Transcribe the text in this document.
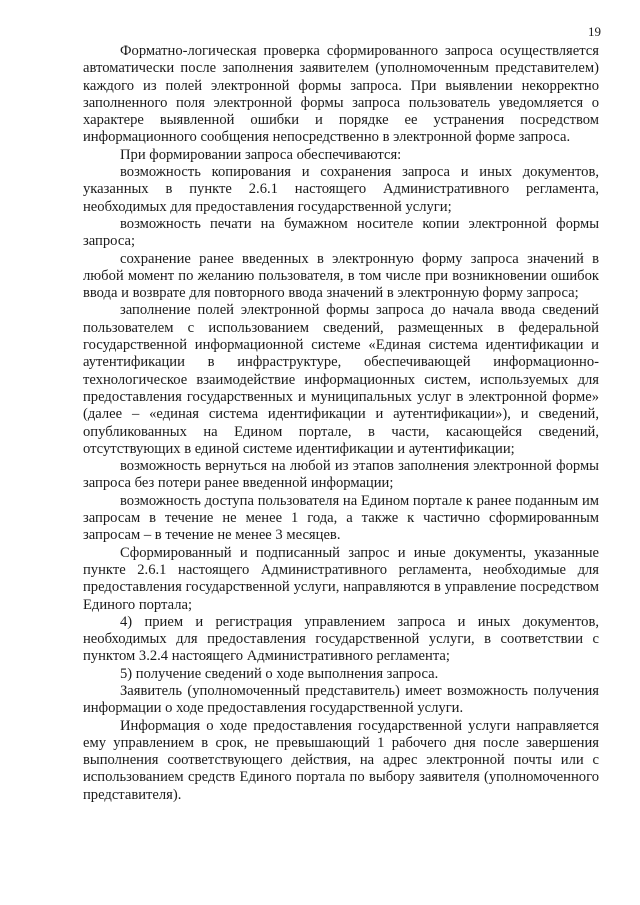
19

Форматно-логическая проверка сформированного запроса осуществляется автоматически после заполнения заявителем (уполномоченным представителем) каждого из полей электронной формы запроса. При выявлении некорректно заполненного поля электронной формы запроса пользователь уведомляется о характере выявленной ошибки и порядке ее устранения посредством информационного сообщения непосредственно в электронной форме запроса.

При формировании запроса обеспечиваются:

возможность копирования и сохранения запроса и иных документов, указанных в пункте 2.6.1 настоящего Административного регламента, необходимых для предоставления государственной услуги;

возможность печати на бумажном носителе копии электронной формы запроса;

сохранение ранее введенных в электронную форму запроса значений в любой момент по желанию пользователя, в том числе при возникновении ошибок ввода и возврате для повторного ввода значений в электронную форму запроса;

заполнение полей электронной формы запроса до начала ввода сведений пользователем с использованием сведений, размещенных в федеральной государственной информационной системе «Единая система идентификации и аутентификации в инфраструктуре, обеспечивающей информационно-технологическое взаимодействие информационных систем, используемых для предоставления государственных и муниципальных услуг в электронной форме» (далее – «единая система идентификации и аутентификации»), и сведений, опубликованных на Едином портале, в части, касающейся сведений, отсутствующих в единой системе идентификации и аутентификации;

возможность вернуться на любой из этапов заполнения электронной формы запроса без потери ранее введенной информации;

возможность доступа пользователя на Едином портале к ранее поданным им запросам в течение не менее 1 года, а также к частично сформированным запросам – в течение не менее 3 месяцев.

Сформированный и подписанный запрос и иные документы, указанные пункте 2.6.1 настоящего Административного регламента, необходимые для предоставления государственной услуги, направляются в управление посредством Единого портала;

4) прием и регистрация управлением запроса и иных документов, необходимых для предоставления государственной услуги, в соответствии с пунктом 3.2.4 настоящего Административного регламента;

5) получение сведений о ходе выполнения запроса.

Заявитель (уполномоченный представитель) имеет возможность получения информации о ходе предоставления государственной услуги.

Информация о ходе предоставления государственной услуги направляется ему управлением в срок, не превышающий 1 рабочего дня после завершения выполнения соответствующего действия, на адрес электронной почты или с использованием средств Единого портала по выбору заявителя (уполномоченного представителя).
